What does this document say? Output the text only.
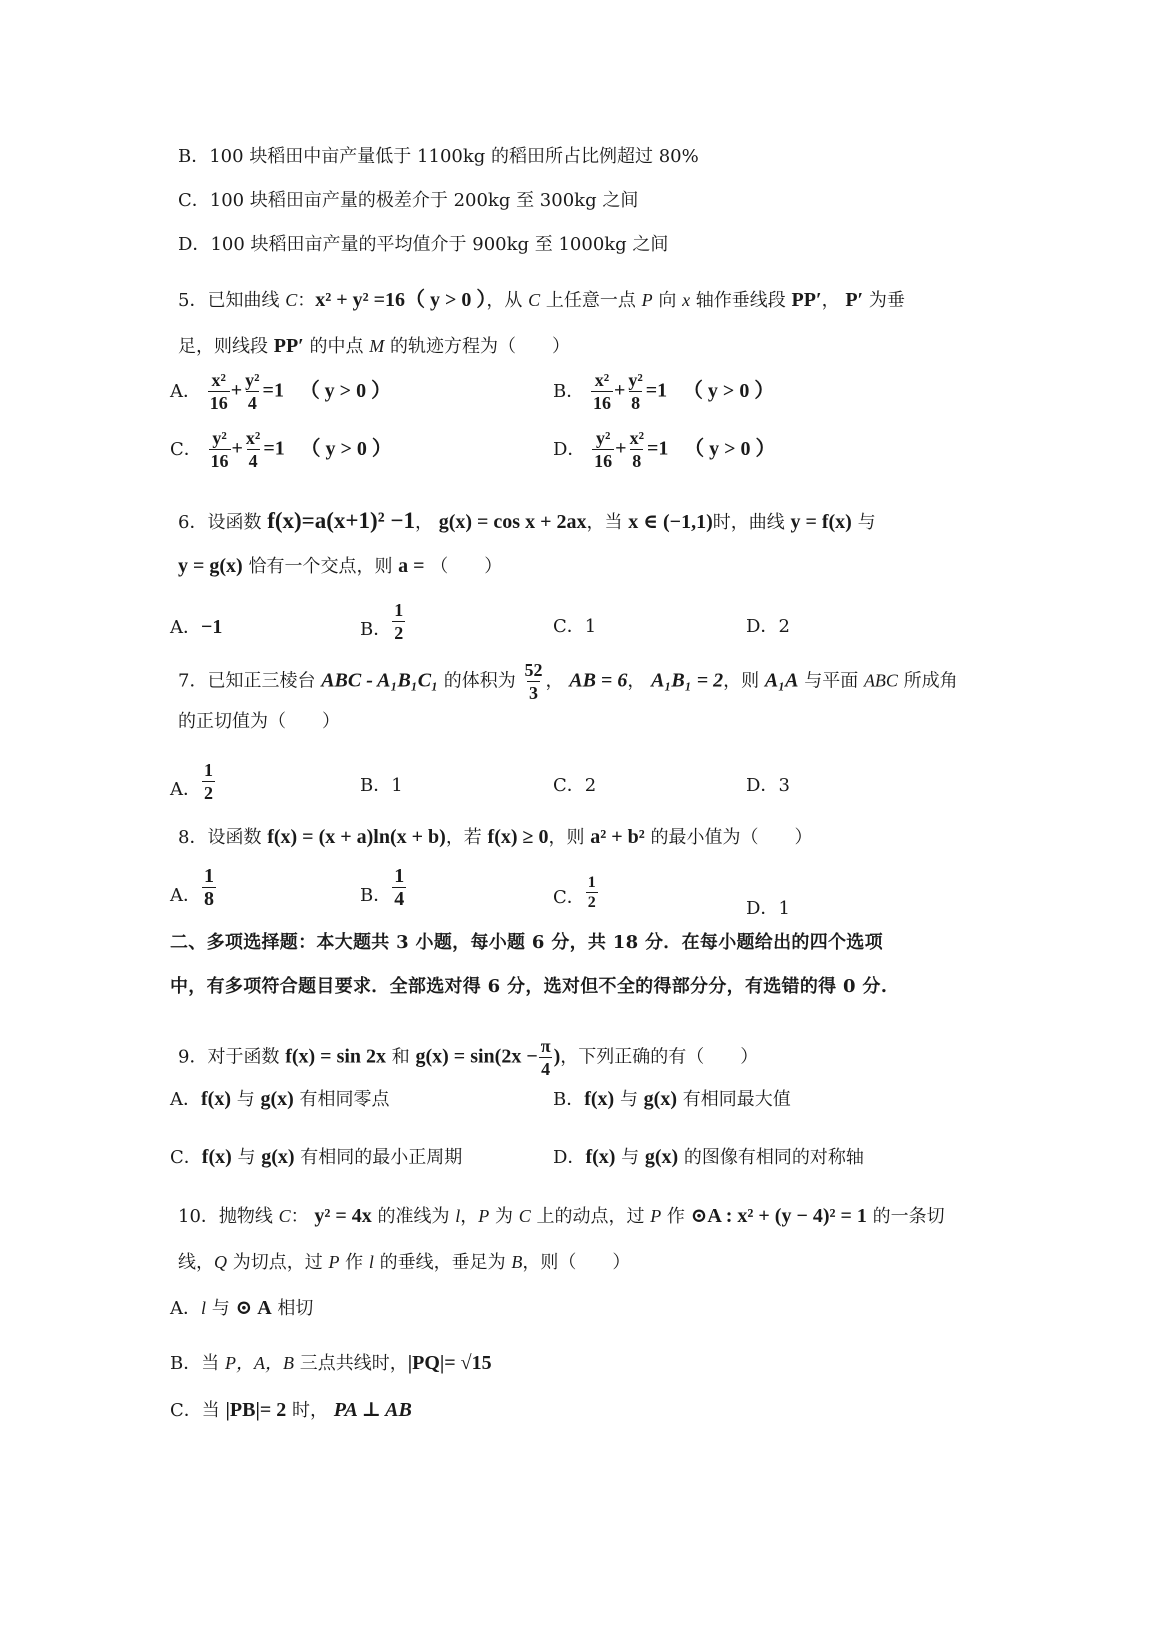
B．100 块稻田中亩产量低于 1100kg 的稻田所占比例超过 80%
C．100 块稻田亩产量的极差介于 200kg 至 300kg 之间
D．100 块稻田亩产量的平均值介于 900kg 至 1000kg 之间
5．已知曲线 C：x² + y² =16（ y > 0 ），从 C 上任意一点 P 向 x 轴作垂线段 PP′， P′ 为垂
足，则线段 PP′ 的中点 M 的轨迹方程为（　　）
A． $\frac{\text{x²}}{16} + \frac{\text{y²}}{4} =1$ （ y > 0 ）	B． $\frac{\text{x²}}{16} + \frac{\text{y²}}{8} =1$ （ y > 0 ）
C． $\frac{\text{y²}}{16} + \frac{\text{x²}}{4} =1$ （ y > 0 ）	D． $\frac{\text{y²}}{16} + \frac{\text{x²}}{8} =1$ （ y > 0 ）
6．设函数 f(x)=a(x+1)² −1， g(x) = cos x + 2ax，当 x ∈ (−1,1)时，曲线 y = f(x) 与
y = g(x) 恰有一个交点，则 a = （　　）
A．−1	B． $\frac{1}{2}$	C．1	D．2
7．已知正三棱台 ABC - A₁B₁C₁ 的体积为 $\frac{52}{3}$ ， AB = 6， A₁B₁ = 2，则 A₁A 与平面 ABC 所成角
的正切值为（　　）
A． $\frac{1}{2}$	B．1	C．2	D．3
8．设函数 f(x) = (x + a)ln(x + b)，若 f(x) ≥ 0，则 a² + b² 的最小值为（　　）
A． $\frac{1}{8}$	B． $\frac{1}{4}$	C． $\frac{1}{2}$	D．1
二、多项选择题：本大题共 3 小题，每小题 6 分，共 18 分．在每小题给出的四个选项
中，有多项符合题目要求．全部选对得 6 分，选对但不全的得部分分，有选错的得 0 分.
9．对于函数 f(x) = sin 2x 和 $g(x) = \sin(2x - \frac{\pi}{4}$ )，下列正确的有（　　）
A．f(x) 与 g(x) 有相同零点	B．f(x) 与 g(x) 有相同最大值
C．f(x) 与 g(x) 有相同的最小正周期	D．f(x) 与 g(x) 的图像有相同的对称轴
10．抛物线 C： y² = 4x 的准线为 l，P 为 C 上的动点，过 P 作 ⊙A : x² + (y − 4)² = 1 的一条切
线，Q 为切点，过 P 作 l 的垂线，垂足为 B，则（　　）
A．l 与 ⊙ A 相切
B．当 P，A，B 三点共线时，|PQ|= √15
C．当 |PB|= 2 时， PA ⊥ AB
